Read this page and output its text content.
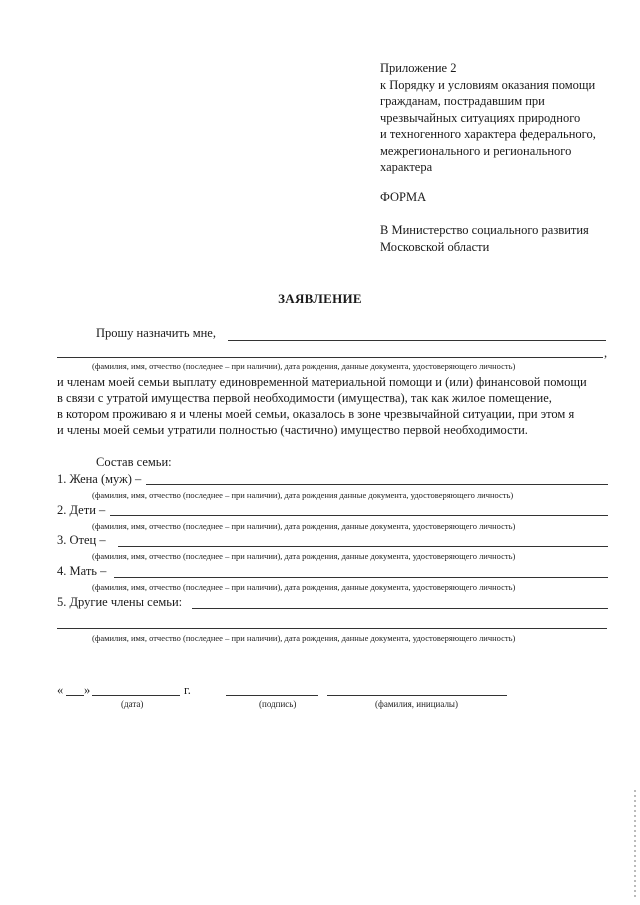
Приложение 2
к Порядку и условиям оказания помощи
гражданам, пострадавшим при
чрезвычайных ситуациях природного
и техногенного характера федерального,
межрегионального и регионального
характера
ФОРМА
В Министерство социального развития
Московской области
ЗАЯВЛЕНИЕ
Прошу назначить мне,
,
(фамилия, имя, отчество (последнее – при наличии), дата рождения, данные документа, удостоверяющего личность)
и членам моей семьи выплату единовременной материальной помощи и (или) финансовой помощи
в связи с утратой имущества первой необходимости (имущества), так как жилое помещение,
в котором проживаю я и члены моей семьи, оказалось в зоне чрезвычайной ситуации, при этом я
и члены моей семьи утратили полностью (частично) имущество первой необходимости.
Состав семьи:
1. Жена (муж) –
(фамилия, имя, отчество (последнее – при наличии), дата рождения данные документа, удостоверяющего личность)
2. Дети –
(фамилия, имя, отчество (последнее – при наличии), дата рождения, данные документа, удостоверяющего личность)
3. Отец –
(фамилия, имя, отчество (последнее – при наличии), дата рождения, данные документа, удостоверяющего личность)
4. Мать –
(фамилия, имя, отчество (последнее – при наличии), дата рождения, данные документа, удостоверяющего личность)
5. Другие члены семьи:
(фамилия, имя, отчество (последнее – при наличии), дата рождения, данные документа, удостоверяющего личность)
« »	г.
(дата)	(подпись)	(фамилия, инициалы)
